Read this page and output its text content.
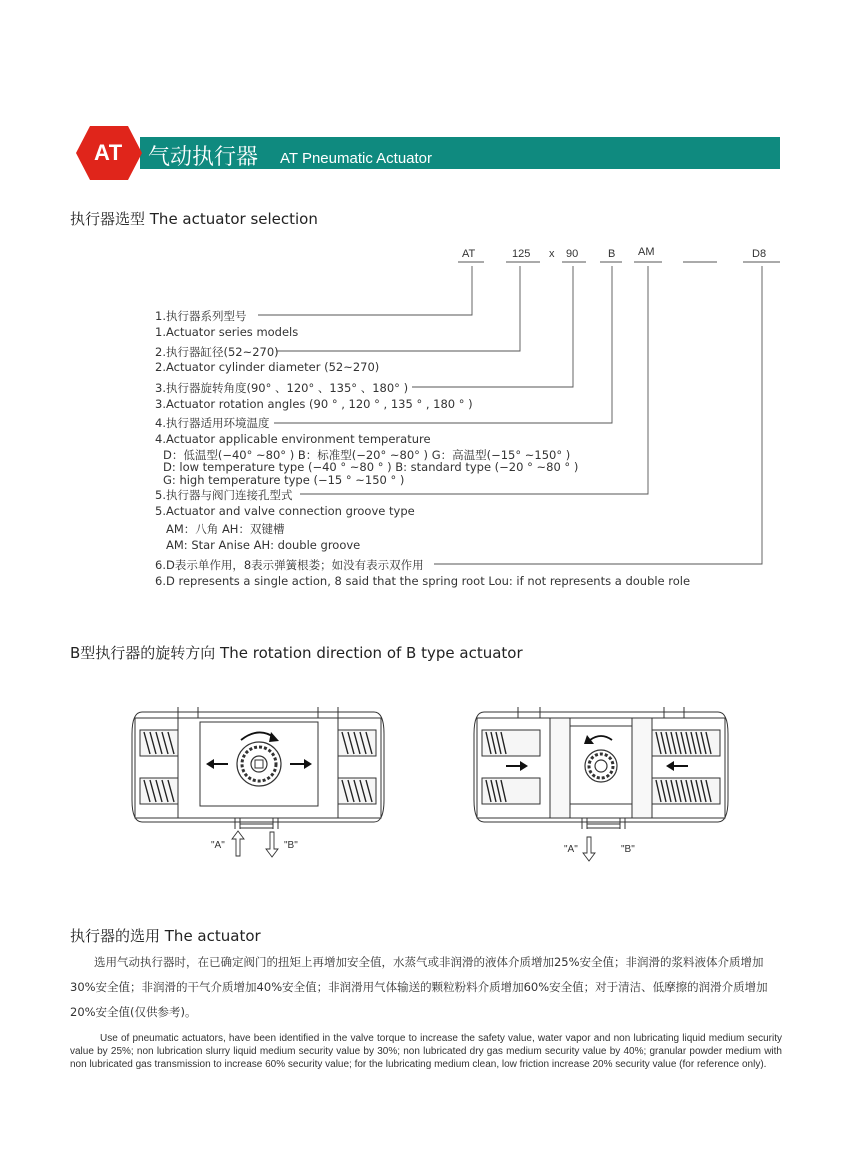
AT	气动执行器 AT Pneumatic Actuator
执行器选型 The actuator selection
AT	125 x 90	B AM	D8
1.执行器系列型号
1.Actuator series models
2.执行器缸径(52~270)
2.Actuator cylinder diameter (52~270)
3.执行器旋转角度(90° 、120° 、135° 、180° )
3.Actuator rotation angles (90 ° , 120 ° , 135 ° , 180 ° )
4.执行器适用环境温度
4.Actuator applicable environment temperature
D：低温型(−40° ~80° ) B：标准型(−20° ~80° ) G：高温型(−15° ~150° )
D: low temperature type (−40 ° ~80 ° ) B: standard type (−20 ° ~80 ° )
G: high temperature type (−15 ° ~150 ° )
5.执行器与阀门连接孔型式
5.Actuator and valve connection groove type
AM：八角 AH：双键槽
AM: Star Anise AH: double groove
6.D表示单作用，8表示弹簧根娄；如没有表示双作用
6.D represents a single action, 8 said that the spring root Lou: if not represents a double role
B型执行器的旋转方向 The rotation direction of B type actuator
"A"	"B"	"A"	"B"
执行器的选用 The actuator
选用气动执行器时，在已确定阀门的扭矩上再增加安全值，水蒸气或非润滑的液体介质增加25%安全值；非润滑的浆料液体介质增加30%安全值；非润滑的干气介质增加40%安全值；非润滑用气体输送的颗粒粉料介质增加60%安全值；对于清洁、低摩擦的润滑介质增加20%安全值(仅供参考)。
Use of pneumatic actuators, have been identified in the valve torque to increase the safety value, water vapor and non lubricating liquid medium security value by 25%; non lubrication slurry liquid medium security value by 30%; non lubricated dry gas medium security value by 40%; granular powder medium with non lubricated gas transmission to increase 60% security value; for the lubricating medium clean, low friction increase 20% security value (for reference only).
